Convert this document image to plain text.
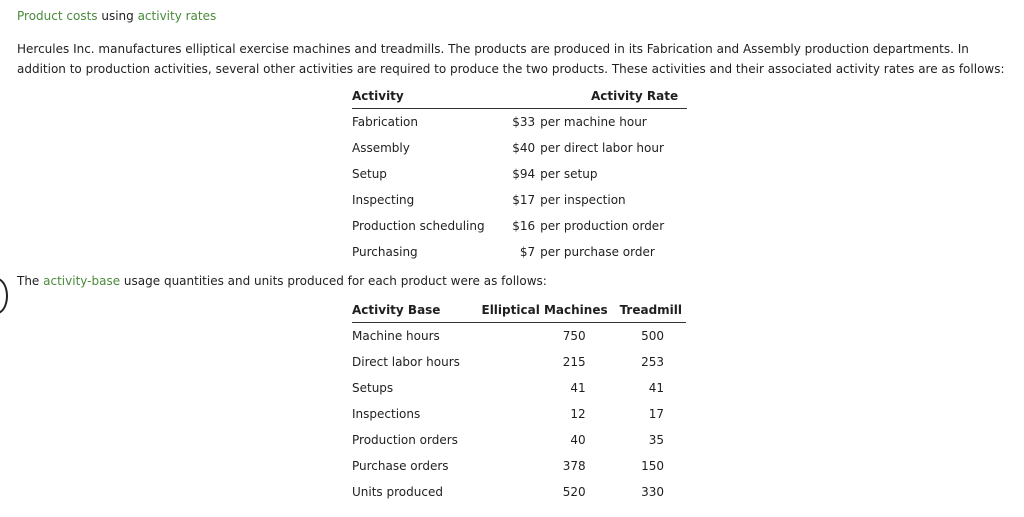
Product costs using activity rates
Hercules Inc. manufactures elliptical exercise machines and treadmills. The products are produced in its Fabrication and Assembly production departments. In addition to production activities, several other activities are required to produce the two products. These activities and their associated activity rates are as follows:
Activity	Activity Rate	
Fabrication	$33	per machine hour
Assembly	$40	per direct labor hour
Setup	$94	per setup
Inspecting	$17	per inspection
Production scheduling	$16	per production order
Purchasing	$7	per purchase order
The activity-base usage quantities and units produced for each product were as follows:
Activity Base	Elliptical Machines	Treadmill
Machine hours	750	500
Direct labor hours	215	253
Setups	41	41
Inspections	12	17
Production orders	40	35
Purchase orders	378	150
Units produced	520	330
